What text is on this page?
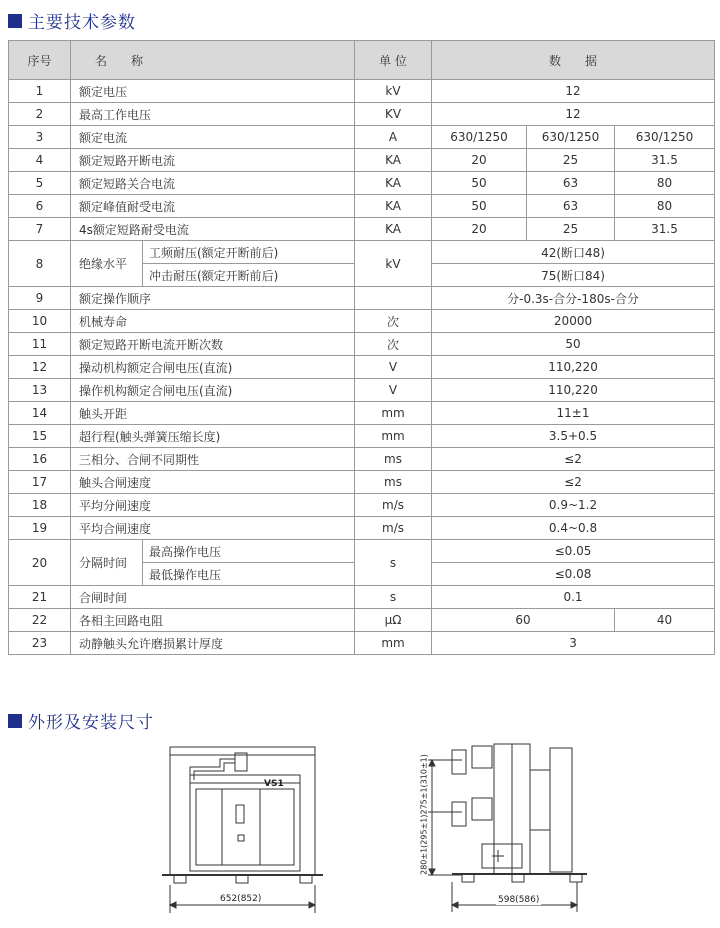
主要技术参数
序号	名　　称		单 位	数　　据		
1	额定电压		kV	12		
2	最高工作电压		KV	12		
3	额定电流		A	630/1250	630/1250	630/1250
4	额定短路开断电流		KA	20	25	31.5
5	额定短路关合电流		KA	50	63	80
6	额定峰值耐受电流		KA	50	63	80
7	4s额定短路耐受电流		KA	20	25	31.5
8	绝缘水平	工频耐压(额定开断前后)	kV	42(断口48)		
		冲击耐压(额定开断前后)		75(断口84)		
9	额定操作顺序			分-0.3s-合分-180s-合分		
10	机械寿命		次	20000		
11	额定短路开断电流开断次数		次	50		
12	操动机构额定合闸电压(直流)		V	110,220		
13	操作机构额定合闸电压(直流)		V	110,220		
14	触头开距		mm	11±1		
15	超行程(触头弹簧压缩长度)		mm	3.5+0.5		
16	三相分、合闸不同期性		ms	≤2		
17	触头合闸速度		ms	≤2		
18	平均分闸速度		m/s	0.9~1.2		
19	平均合闸速度		m/s	0.4~0.8		
20	分隔时间	最高操作电压	s	≤0.05		
		最低操作电压		≤0.08		
21	合闸时间		s	0.1		
22	各相主回路电阻		μΩ	60		40
23	动静触头允许磨损累计厚度		mm	3		
外形及安装尺寸
VS1
652(852)	598(586)
280±1(295±1)275±1(310±1)
